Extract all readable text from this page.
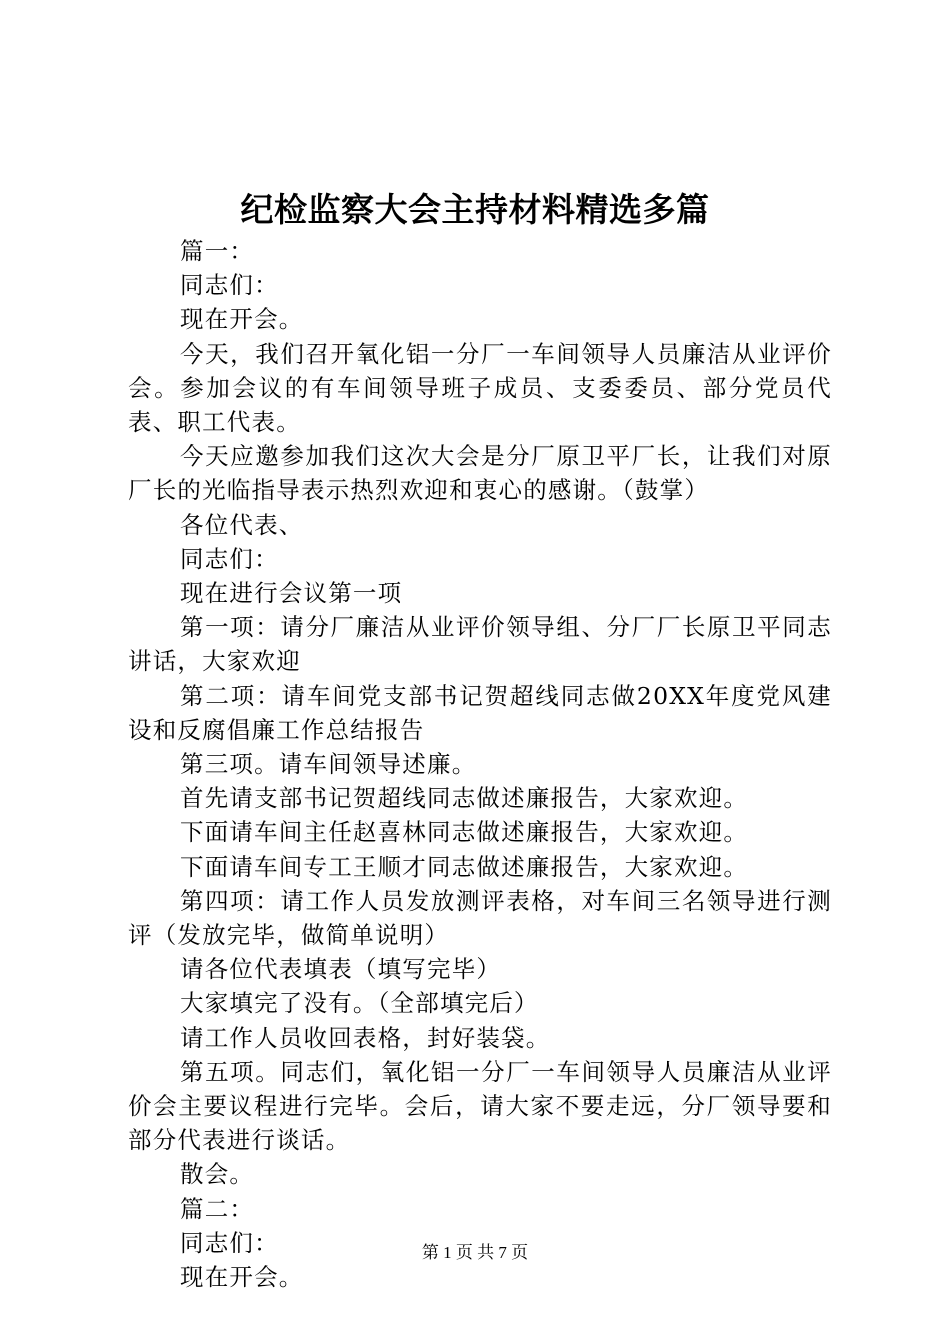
纪检监察大会主持材料精选多篇

篇一：

同志们：

现在开会。

今天，我们召开氧化铝一分厂一车间领导人员廉洁从业评价会。参加会议的有车间领导班子成员、支委委员、部分党员代表、职工代表。

今天应邀参加我们这次大会是分厂原卫平厂长，让我们对原厂长的光临指导表示热烈欢迎和衷心的感谢。（鼓掌）

各位代表、

同志们：

现在进行会议第一项

第一项：请分厂廉洁从业评价领导组、分厂厂长原卫平同志讲话，大家欢迎

第二项：请车间党支部书记贺超线同志做20XX年度党风建设和反腐倡廉工作总结报告

第三项。请车间领导述廉。

首先请支部书记贺超线同志做述廉报告，大家欢迎。

下面请车间主任赵喜林同志做述廉报告，大家欢迎。

下面请车间专工王顺才同志做述廉报告，大家欢迎。

第四项：请工作人员发放测评表格，对车间三名领导进行测评（发放完毕，做简单说明）

请各位代表填表（填写完毕）

大家填完了没有。（全部填完后）

请工作人员收回表格，封好装袋。

第五项。同志们，氧化铝一分厂一车间领导人员廉洁从业评价会主要议程进行完毕。会后，请大家不要走远，分厂领导要和部分代表进行谈话。

散会。

篇二：

同志们：

现在开会。

第 1 页 共 7 页
